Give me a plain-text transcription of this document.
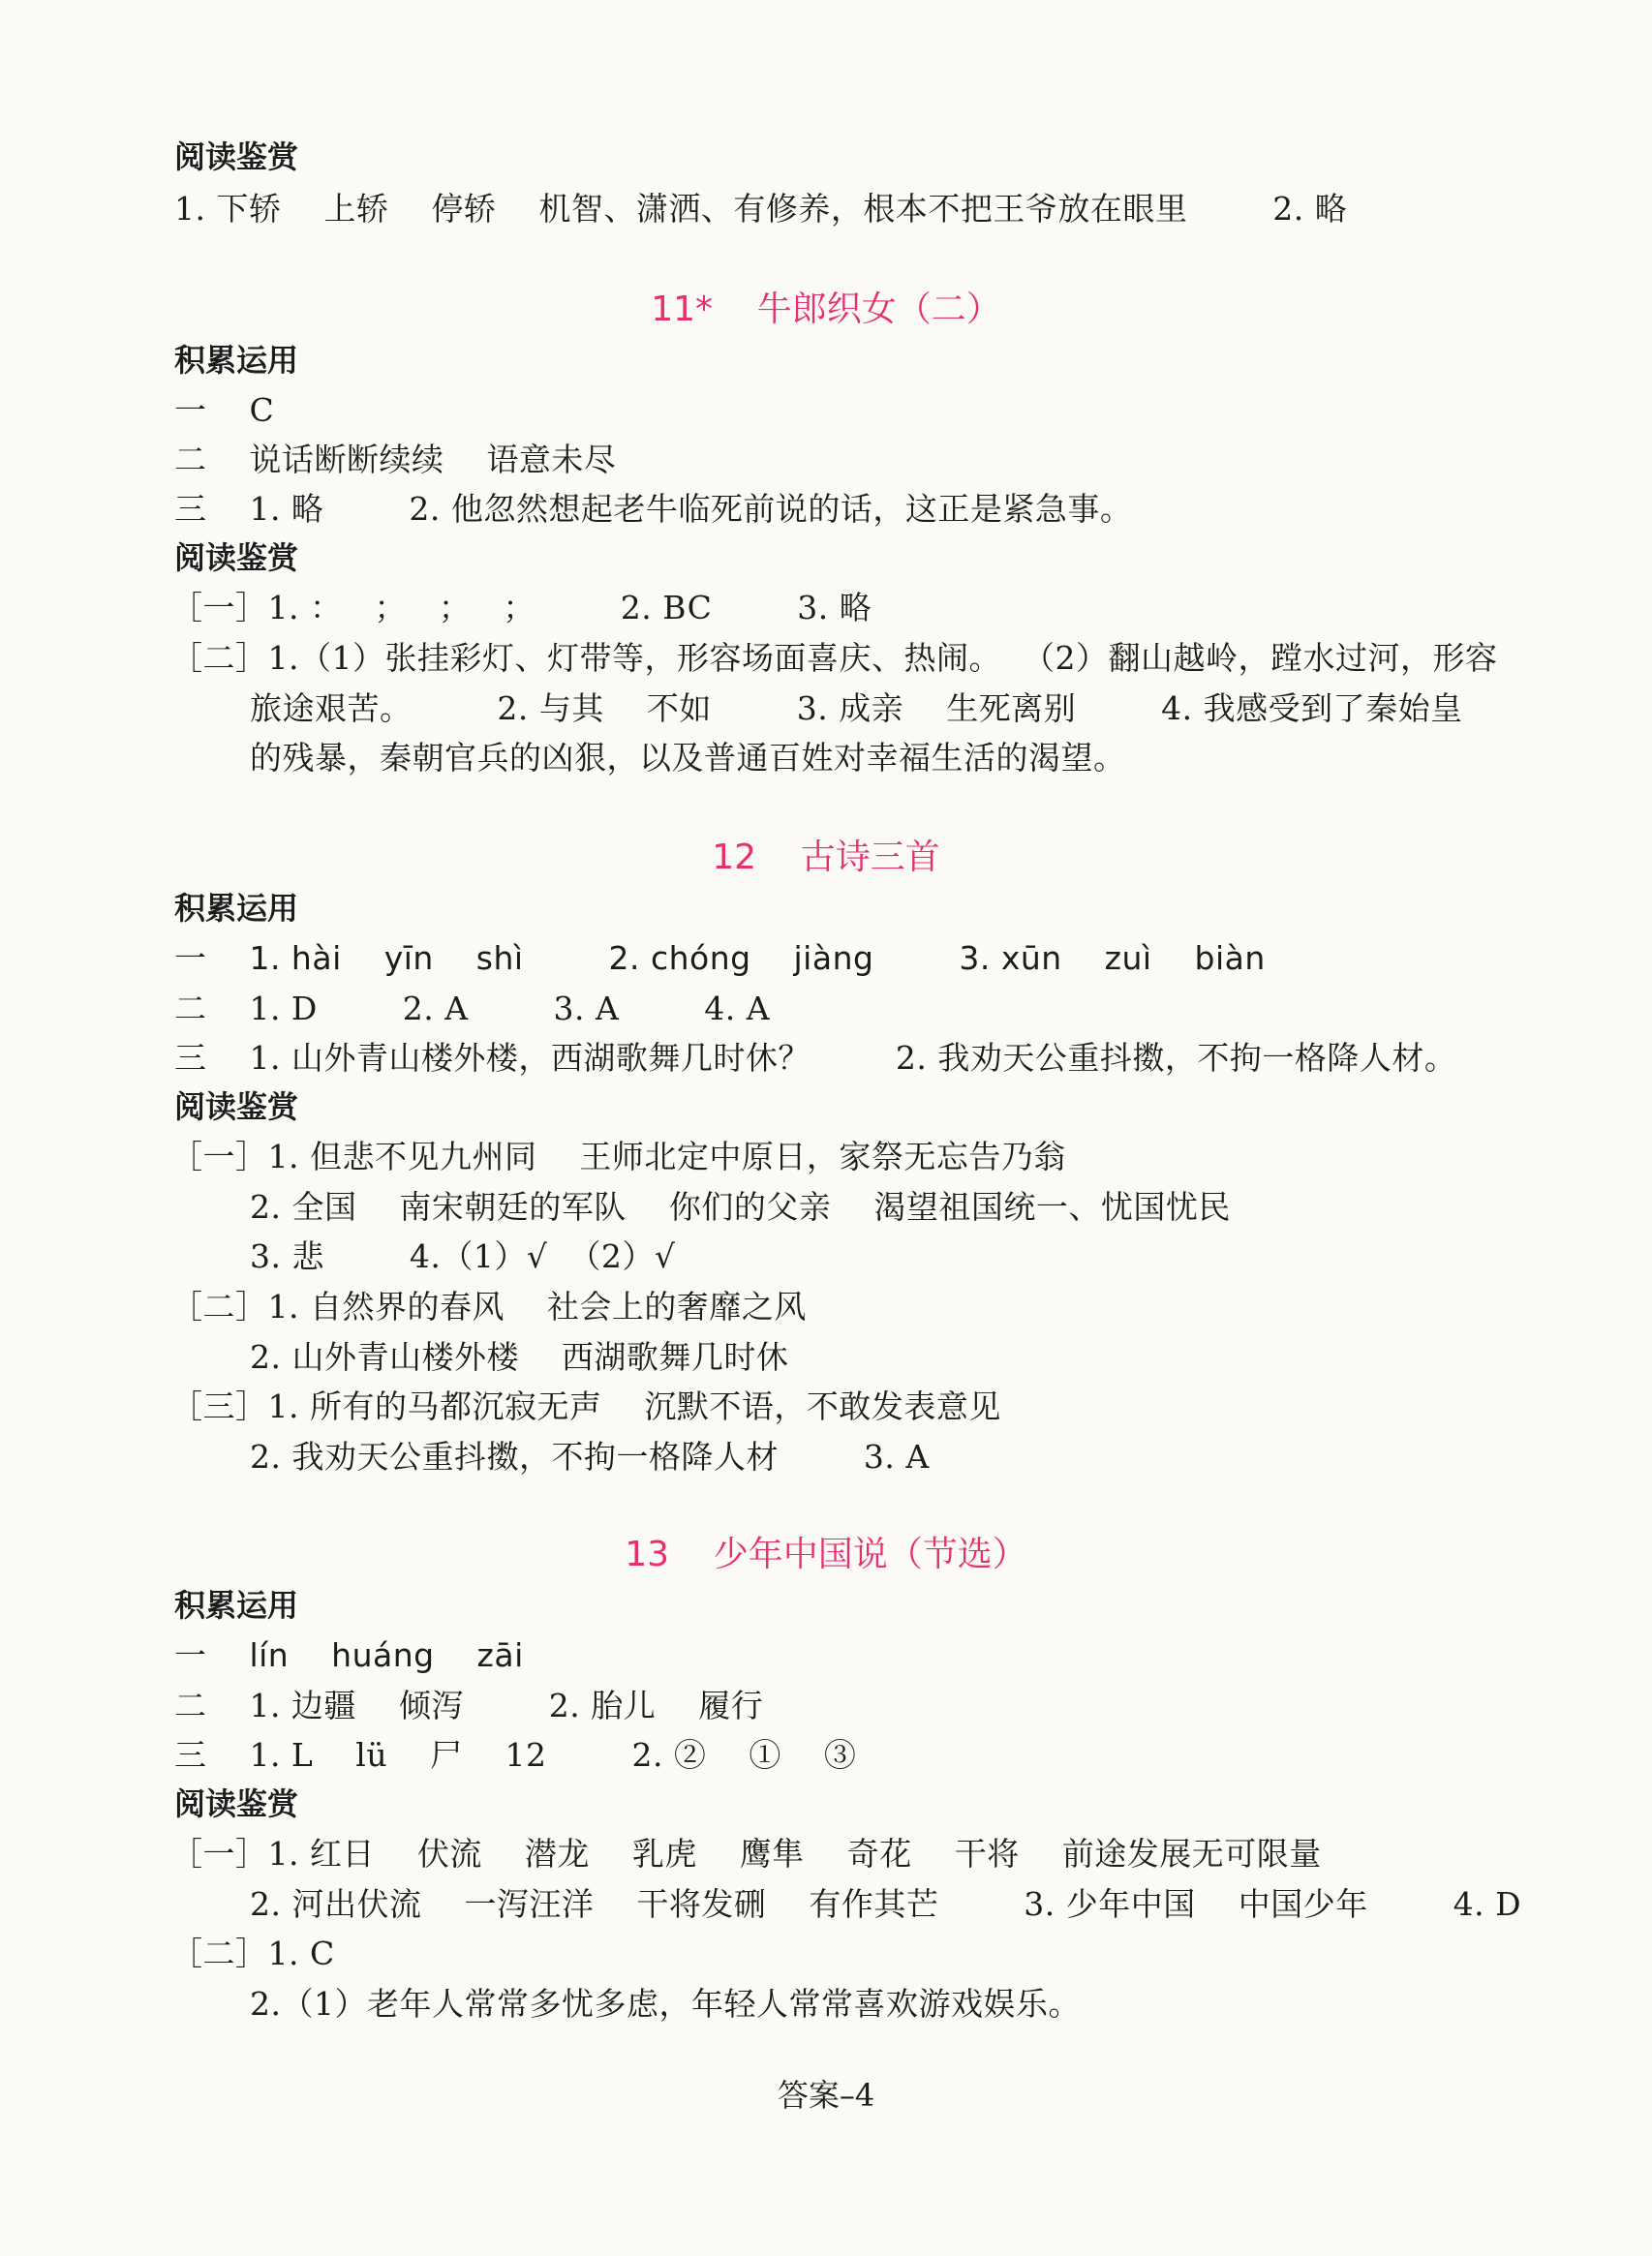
阅读鉴赏
1. 下轿    上轿    停轿    机智、潇洒、有修养，根本不把王爷放在眼里        2. 略
11*    牛郎织女（二）
积累运用
一    C
二    说话断断续续    语意未尽
三    1. 略        2. 他忽然想起老牛临死前说的话，这正是紧急事。
阅读鉴赏
［一］1. ：   ；   ；   ；        2. BC        3. 略
［二］1.（1）张挂彩灯、灯带等，形容场面喜庆、热闹。  （2）翻山越岭，蹚水过河，形容
旅途艰苦。        2. 与其    不如        3. 成亲    生死离别        4. 我感受到了秦始皇
的残暴，秦朝官兵的凶狠，以及普通百姓对幸福生活的渴望。
12    古诗三首
积累运用
一    1. hài    yīn    shì        2. chóng    jiàng        3. xūn    zuì    biàn
二    1. D        2. A        3. A        4. A
三    1. 山外青山楼外楼，西湖歌舞几时休？        2. 我劝天公重抖擞，不拘一格降人材。
阅读鉴赏
［一］1. 但悲不见九州同    王师北定中原日，家祭无忘告乃翁
2. 全国    南宋朝廷的军队    你们的父亲    渴望祖国统一、忧国忧民
3. 悲        4.（1）√  （2）√
［二］1. 自然界的春风    社会上的奢靡之风
2. 山外青山楼外楼    西湖歌舞几时休
［三］1. 所有的马都沉寂无声    沉默不语，不敢发表意见
2. 我劝天公重抖擞，不拘一格降人材        3. A
13    少年中国说（节选）
积累运用
一    lín    huáng    zāi
二    1. 边疆    倾泻        2. 胎儿    履行
三    1. L    lü    尸    12        2. ②    ①    ③
阅读鉴赏
［一］1. 红日    伏流    潜龙    乳虎    鹰隼    奇花    干将    前途发展无可限量
2. 河出伏流    一泻汪洋    干将发硎    有作其芒        3. 少年中国    中国少年        4. D
［二］1. C
2.（1）老年人常常多忧多虑，年轻人常常喜欢游戏娱乐。
答案–4
